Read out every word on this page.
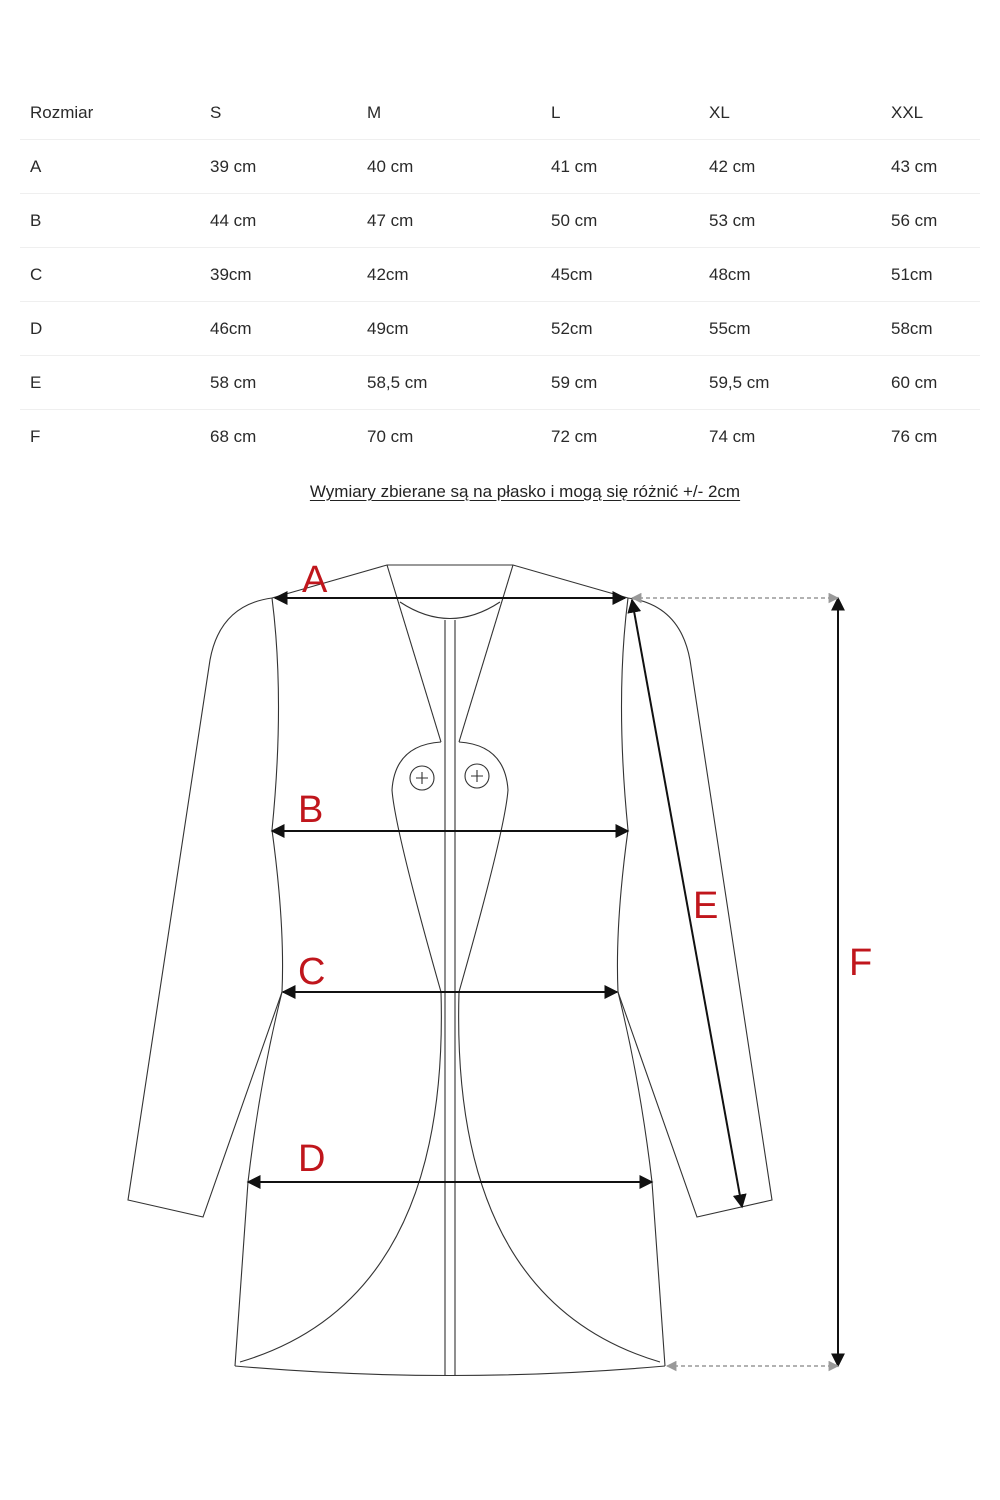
Rozmiar	S	M	L	XL	XXL
A	39 cm	40 cm	41 cm	42 cm	43 cm
B	44 cm	47 cm	50 cm	53 cm	56 cm
C	39cm	42cm	45cm	48cm	51cm
D	46cm	49cm	52cm	55cm	58cm
E	58 cm	58,5 cm	59 cm	59,5 cm	60 cm
F	68 cm	70 cm	72 cm	74 cm	76 cm

Wymiary zbierane są na płasko i mogą się różnić +/- 2cm

A
B
C
D
E
F
